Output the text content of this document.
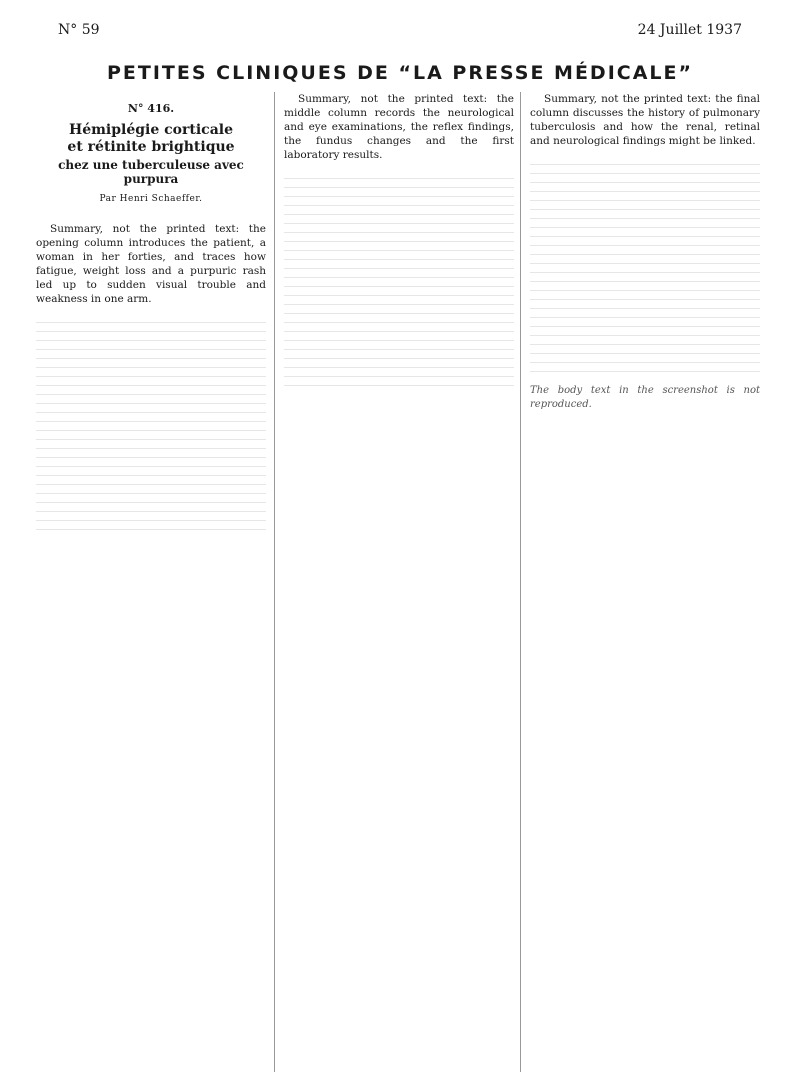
N° 59	24 Juillet 1937
PETITES CLINIQUES DE “LA PRESSE MÉDICALE”
N° 416.
Hémiplégie corticale
et rétinite brightique
chez une tuberculeuse avec purpura
Par Henri Schaeffer.

Summary, not the printed text: the opening column introduces the patient, a woman in her forties, and traces how fatigue, weight loss and a purpuric rash led up to sudden visual trouble and weakness in one arm.

Summary, not the printed text: the middle column records the neurological and eye examinations, the reflex findings, the fundus changes and the first laboratory results.

Summary, not the printed text: the final column discusses the history of pulmonary tuberculosis and how the renal, retinal and neurological findings might be linked.

The body text in the screenshot is not reproduced.
